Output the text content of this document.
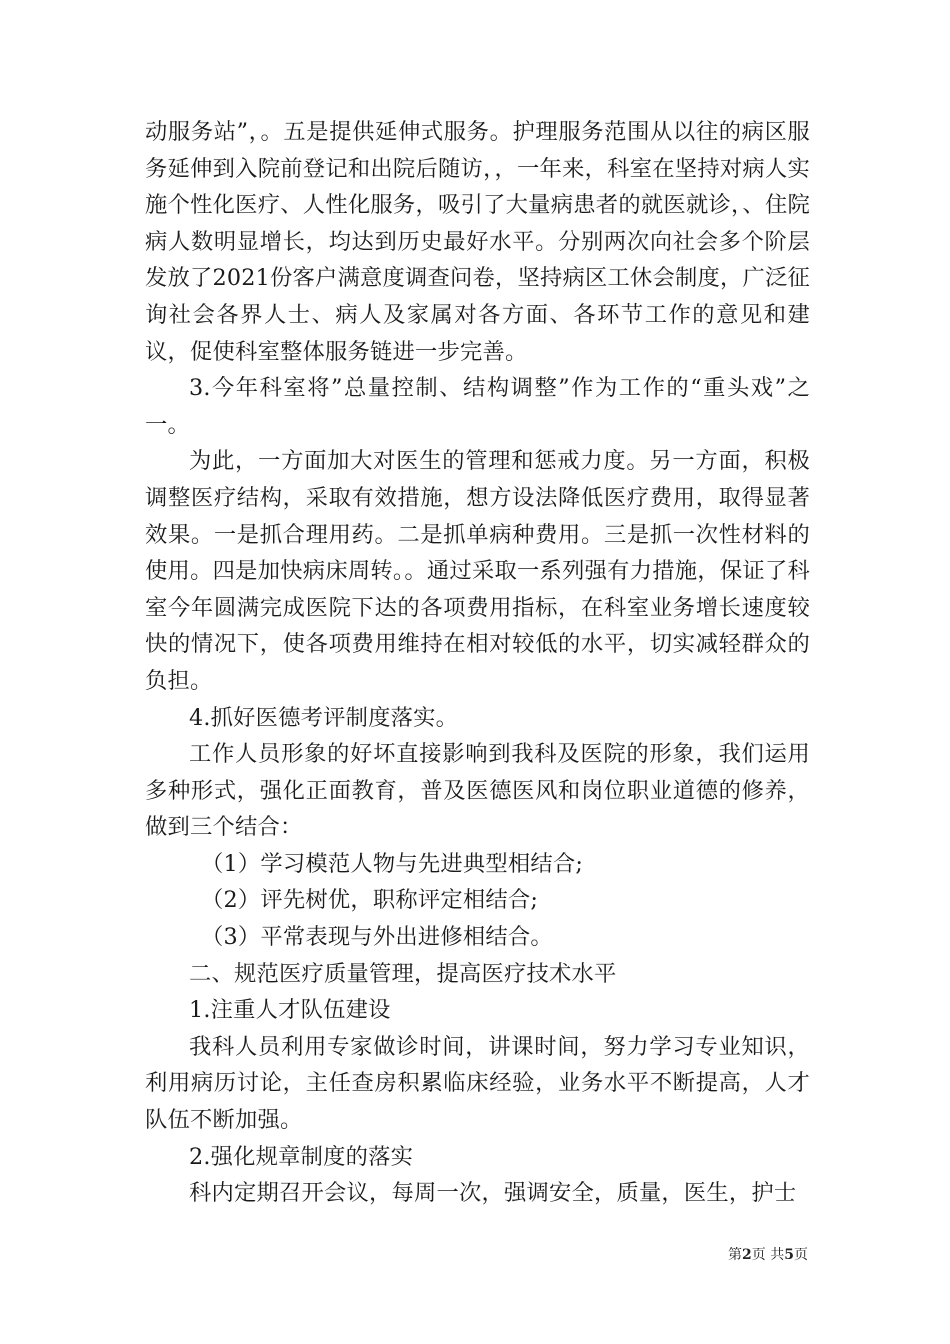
动服务站”，。五是提供延伸式服务。护理服务范围从以往的病区服务延伸到入院前登记和出院后随访，，一年来，科室在坚持对病人实施个性化医疗、人性化服务，吸引了大量病患者的就医就诊，、住院病人数明显增长，均达到历史最好水平。分别两次向社会多个阶层发放了2021份客户满意度调查问卷，坚持病区工休会制度，广泛征询社会各界人士、病人及家属对各方面、各环节工作的意见和建议，促使科室整体服务链进一步完善。

3.今年科室将”总量控制、结构调整”作为工作的“重头戏”之一。

为此，一方面加大对医生的管理和惩戒力度。另一方面，积极调整医疗结构，采取有效措施，想方设法降低医疗费用，取得显著效果。一是抓合理用药。二是抓单病种费用。三是抓一次性材料的使用。四是加快病床周转。。通过采取一系列强有力措施，保证了科室今年圆满完成医院下达的各项费用指标，在科室业务增长速度较快的情况下，使各项费用维持在相对较低的水平，切实减轻群众的负担。

4.抓好医德考评制度落实。

工作人员形象的好坏直接影响到我科及医院的形象，我们运用多种形式，强化正面教育，普及医德医风和岗位职业道德的修养，做到三个结合：

（1）学习模范人物与先进典型相结合;

（2）评先树优，职称评定相结合;

（3）平常表现与外出进修相结合。

二、规范医疗质量管理，提高医疗技术水平

1.注重人才队伍建设

我科人员利用专家做诊时间，讲课时间，努力学习专业知识，利用病历讨论，主任查房积累临床经验，业务水平不断提高，人才队伍不断加强。

2.强化规章制度的落实

科内定期召开会议，每周一次，强调安全，质量，医生，护士

第2页 共5页
